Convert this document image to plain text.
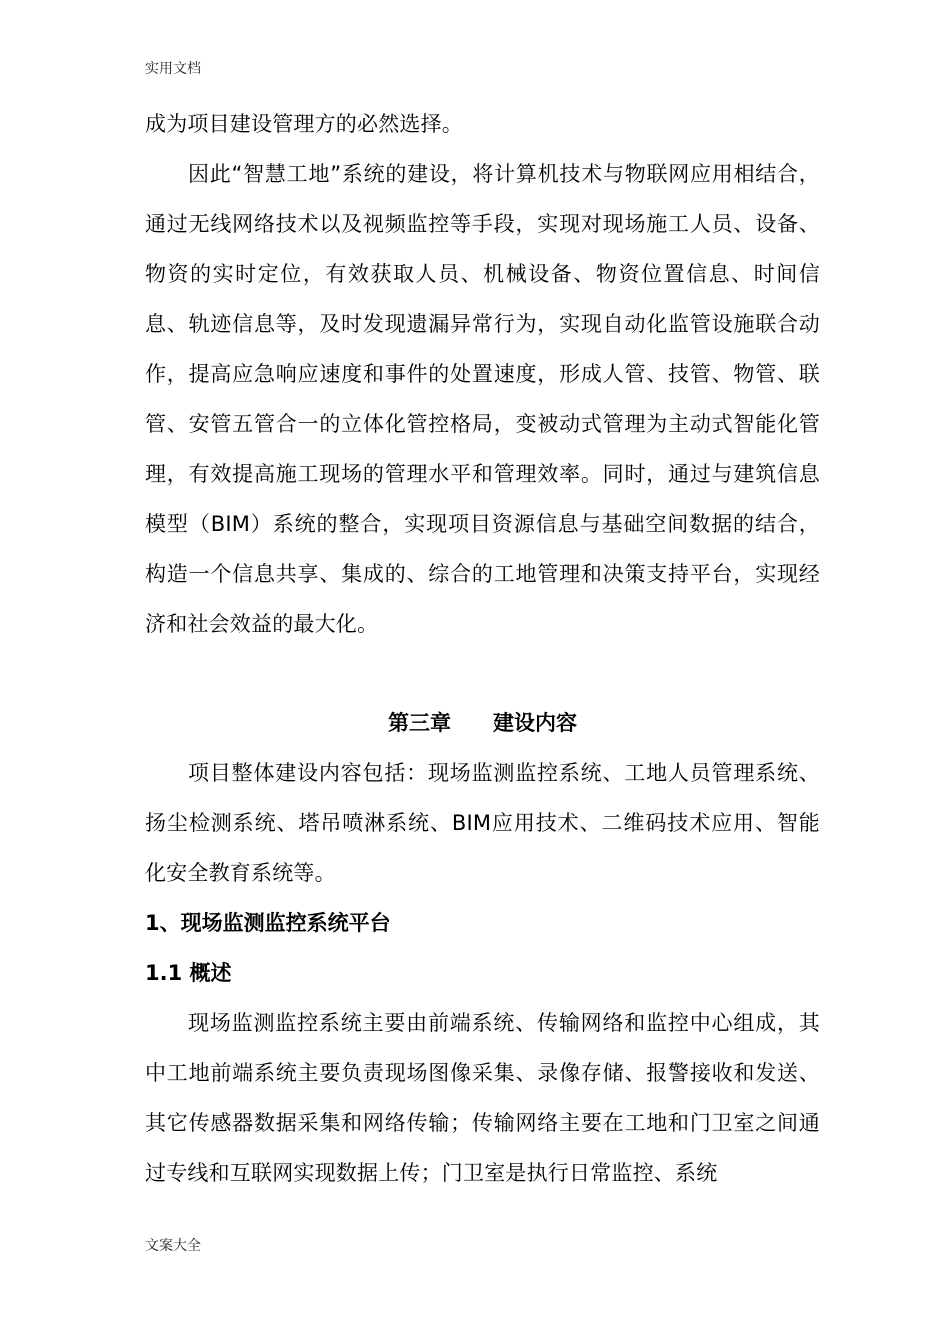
实用文档

成为项目建设管理方的必然选择。

因此“智慧工地”系统的建设，将计算机技术与物联网应用相结合，通过无线网络技术以及视频监控等手段，实现对现场施工人员、设备、物资的实时定位，有效获取人员、机械设备、物资位置信息、时间信息、轨迹信息等，及时发现遗漏异常行为，实现自动化监管设施联合动作，提高应急响应速度和事件的处置速度，形成人管、技管、物管、联管、安管五管合一的立体化管控格局，变被动式管理为主动式智能化管理，有效提高施工现场的管理水平和管理效率。同时，通过与建筑信息模型（BIM）系统的整合，实现项目资源信息与基础空间数据的结合，构造一个信息共享、集成的、综合的工地管理和决策支持平台，实现经济和社会效益的最大化。

第三章　　建设内容

项目整体建设内容包括：现场监测监控系统、工地人员管理系统、扬尘检测系统、塔吊喷淋系统、BIM应用技术、二维码技术应用、智能化安全教育系统等。

1、现场监测监控系统平台

1.1 概述

现场监测监控系统主要由前端系统、传输网络和监控中心组成，其中工地前端系统主要负责现场图像采集、录像存储、报警接收和发送、其它传感器数据采集和网络传输；传输网络主要在工地和门卫室之间通过专线和互联网实现数据上传；门卫室是执行日常监控、系统

文案大全
